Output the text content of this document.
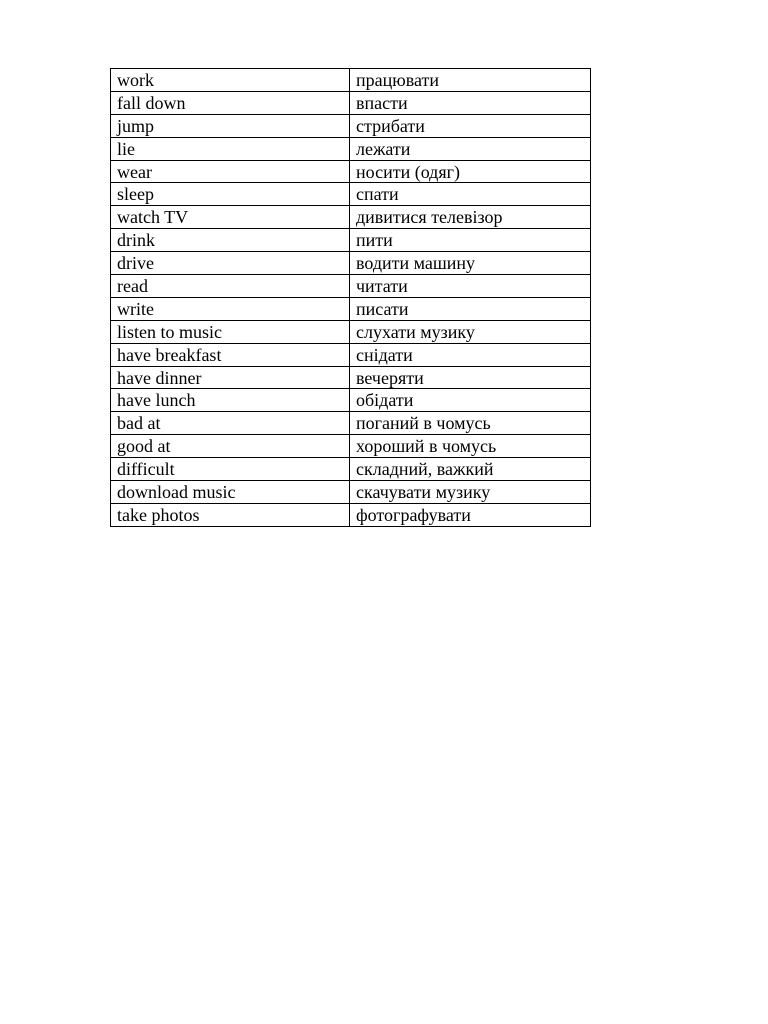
work	працювати
fall down	впасти
jump	стрибати
lie	лежати
wear	носити (одяг)
sleep	спати
watch TV	дивитися телевізор
drink	пити
drive	водити машину
read	читати
write	писати
listen to music	слухати музику
have breakfast	снідати
have dinner	вечеряти
have lunch	обідати
bad at	поганий в чомусь
good at	хороший в чомусь
difficult	складний, важкий
download music	скачувати музику
take photos	фотографувати
